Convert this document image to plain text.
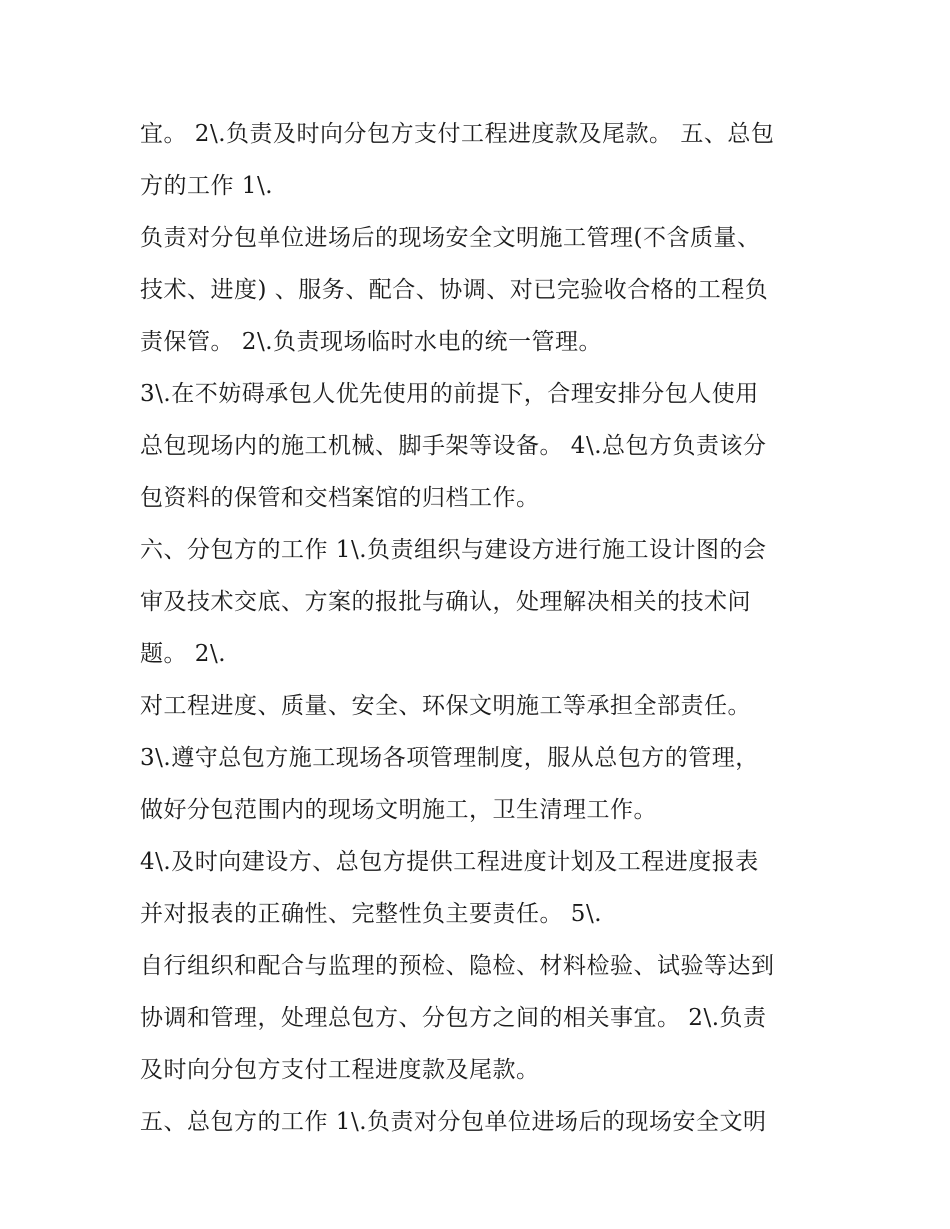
宜。 2\.负责及时向分包方支付工程进度款及尾款。 五、总包
方的工作 1\.
负责对分包单位进场后的现场安全文明施工管理(不含质量、
技术、进度) 、服务、配合、协调、对已完验收合格的工程负
责保管。 2\.负责现场临时水电的统一管理。
3\.在不妨碍承包人优先使用的前提下，合理安排分包人使用
总包现场内的施工机械、脚手架等设备。 4\.总包方负责该分
包资料的保管和交档案馆的归档工作。
六、分包方的工作 1\.负责组织与建设方进行施工设计图的会
审及技术交底、方案的报批与确认，处理解决相关的技术问
题。 2\.
对工程进度、质量、安全、环保文明施工等承担全部责任。
3\.遵守总包方施工现场各项管理制度，服从总包方的管理，
做好分包范围内的现场文明施工，卫生清理工作。
4\.及时向建设方、总包方提供工程进度计划及工程进度报表
并对报表的正确性、完整性负主要责任。 5\.
自行组织和配合与监理的预检、隐检、材料检验、试验等达到
协调和管理，处理总包方、分包方之间的相关事宜。 2\.负责
及时向分包方支付工程进度款及尾款。
五、总包方的工作 1\.负责对分包单位进场后的现场安全文明
